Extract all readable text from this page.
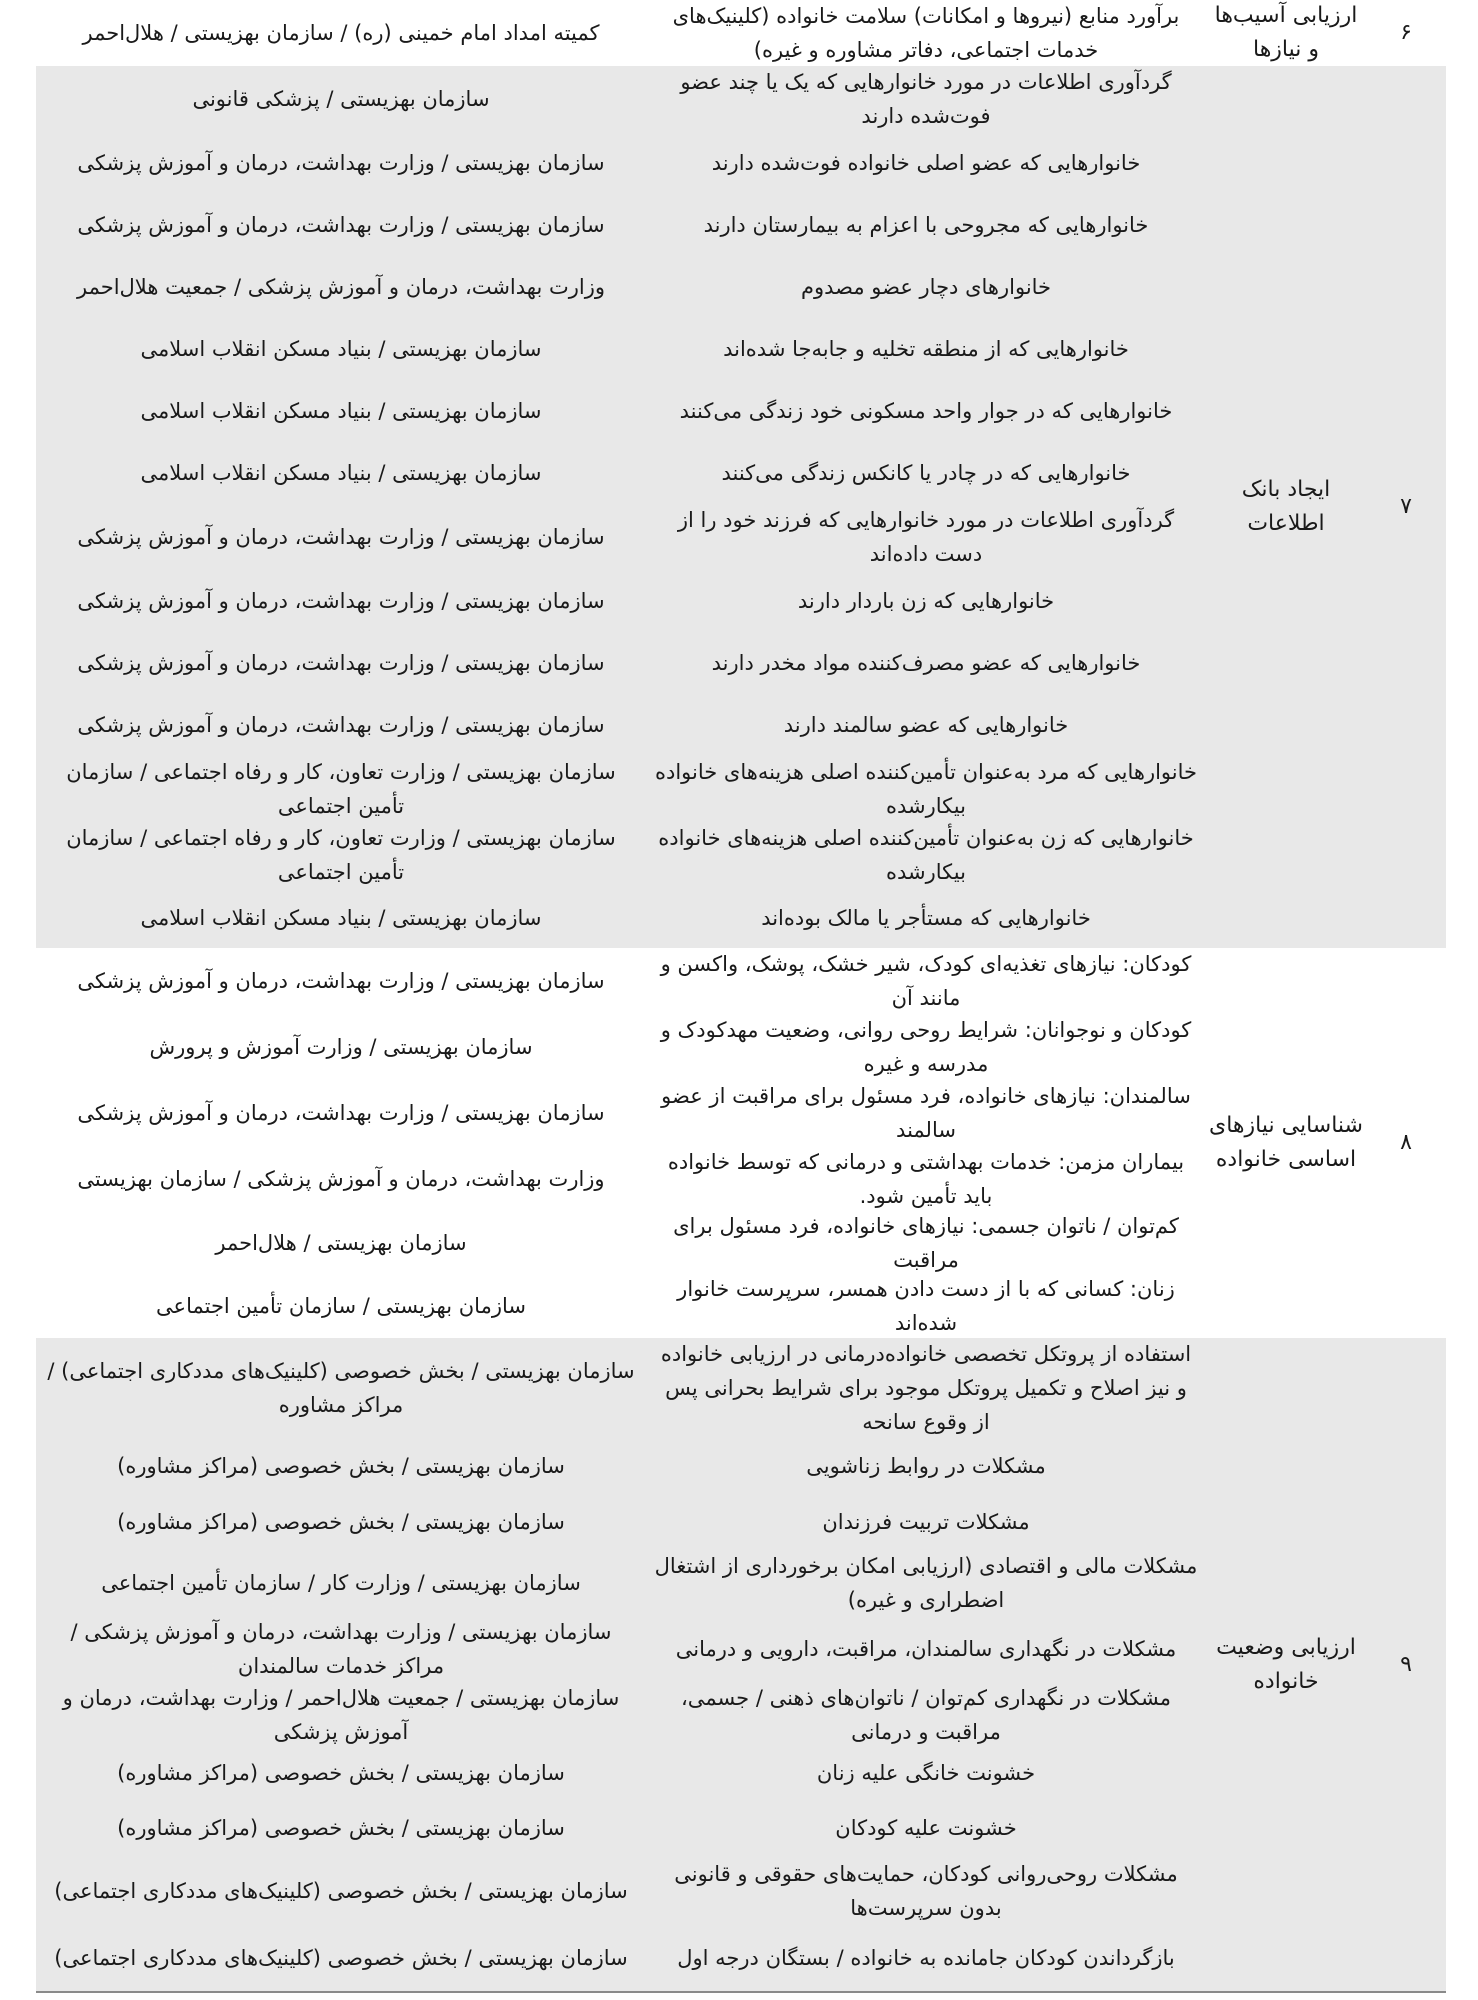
۶
ارزیابی آسیب‌ها و نیازها
برآورد منابع (نیروها و امکانات) سلامت خانواده (کلینیک‌های خدمات اجتماعی، دفاتر مشاوره و غیره)
کمیته امداد امام خمینی (ره) / سازمان بهزیستی / هلال‌احمر
۷
ایجاد بانک اطلاعات
گردآوری اطلاعات در مورد خانوارهایی که یک یا چند عضو فوت‌شده دارند
سازمان بهزیستی / پزشکی قانونی
خانوارهایی که عضو اصلی خانواده فوت‌شده دارند
سازمان بهزیستی / وزارت بهداشت، درمان و آموزش پزشکی
خانوارهایی که مجروحی با اعزام به بیمارستان دارند
سازمان بهزیستی / وزارت بهداشت، درمان و آموزش پزشکی
خانوارهای دچار عضو مصدوم
وزارت بهداشت، درمان و آموزش پزشکی / جمعیت هلال‌احمر
خانوارهایی که از منطقه تخلیه و جابه‌جا شده‌اند
سازمان بهزیستی / بنیاد مسکن انقلاب اسلامی
خانوارهایی که در جوار واحد مسکونی خود زندگی می‌کنند
سازمان بهزیستی / بنیاد مسکن انقلاب اسلامی
خانوارهایی که در چادر یا کانکس زندگی می‌کنند
سازمان بهزیستی / بنیاد مسکن انقلاب اسلامی
گردآوری اطلاعات در مورد خانوارهایی که فرزند خود را از دست داده‌اند
سازمان بهزیستی / وزارت بهداشت، درمان و آموزش پزشکی
خانوارهایی که زن باردار دارند
سازمان بهزیستی / وزارت بهداشت، درمان و آموزش پزشکی
خانوارهایی که عضو مصرف‌کننده مواد مخدر دارند
سازمان بهزیستی / وزارت بهداشت، درمان و آموزش پزشکی
خانوارهایی که عضو سالمند دارند
سازمان بهزیستی / وزارت بهداشت، درمان و آموزش پزشکی
خانوارهایی که مرد به‌عنوان تأمین‌کننده اصلی هزینه‌های خانواده بیکارشده
سازمان بهزیستی / وزارت تعاون، کار و رفاه اجتماعی / سازمان تأمین اجتماعی
خانوارهایی که زن به‌عنوان تأمین‌کننده اصلی هزینه‌های خانواده بیکارشده
سازمان بهزیستی / وزارت تعاون، کار و رفاه اجتماعی / سازمان تأمین اجتماعی
خانوارهایی که مستأجر یا مالک بوده‌اند
سازمان بهزیستی / بنیاد مسکن انقلاب اسلامی
۸
شناسایی نیازهای اساسی خانواده
کودکان: نیازهای تغذیه‌ای کودک، شیر خشک، پوشک، واکسن و مانند آن
سازمان بهزیستی / وزارت بهداشت، درمان و آموزش پزشکی
کودکان و نوجوانان: شرایط روحی روانی، وضعیت مهدکودک و مدرسه و غیره
سازمان بهزیستی / وزارت آموزش و پرورش
سالمندان: نیازهای خانواده، فرد مسئول برای مراقبت از عضو سالمند
سازمان بهزیستی / وزارت بهداشت، درمان و آموزش پزشکی
بیماران مزمن: خدمات بهداشتی و درمانی که توسط خانواده باید تأمین شود.
وزارت بهداشت، درمان و آموزش پزشکی / سازمان بهزیستی
کم‌توان / ناتوان جسمی: نیازهای خانواده، فرد مسئول برای مراقبت
سازمان بهزیستی / هلال‌احمر
زنان: کسانی که با از دست دادن همسر، سرپرست خانوار شده‌اند
سازمان بهزیستی / سازمان تأمین اجتماعی
۹
ارزیابی وضعیت خانواده
استفاده از پروتکل تخصصی خانواده‌درمانی در ارزیابی خانواده و نیز اصلاح و تکمیل پروتکل موجود برای شرایط بحرانی پس از وقوع سانحه
سازمان بهزیستی / بخش خصوصی (کلینیک‌های مددکاری اجتماعی) / مراکز مشاوره
مشکلات در روابط زناشویی
سازمان بهزیستی / بخش خصوصی (مراکز مشاوره)
مشکلات تربیت فرزندان
سازمان بهزیستی / بخش خصوصی (مراکز مشاوره)
مشکلات مالی و اقتصادی (ارزیابی امکان برخورداری از اشتغال اضطراری و غیره)
سازمان بهزیستی / وزارت کار / سازمان تأمین اجتماعی
مشکلات در نگهداری سالمندان، مراقبت، دارویی و درمانی
سازمان بهزیستی / وزارت بهداشت، درمان و آموزش پزشکی / مراکز خدمات سالمندان
مشکلات در نگهداری کم‌توان / ناتوان‌های ذهنی / جسمی، مراقبت و درمانی
سازمان بهزیستی / جمعیت هلال‌احمر / وزارت بهداشت، درمان و آموزش پزشکی
خشونت خانگی علیه زنان
سازمان بهزیستی / بخش خصوصی (مراکز مشاوره)
خشونت علیه کودکان
سازمان بهزیستی / بخش خصوصی (مراکز مشاوره)
مشکلات روحی‌روانی کودکان، حمایت‌های حقوقی و قانونی بدون سرپرست‌ها
سازمان بهزیستی / بخش خصوصی (کلینیک‌های مددکاری اجتماعی)
بازگرداندن کودکان جامانده به خانواده / بستگان درجه اول
سازمان بهزیستی / بخش خصوصی (کلینیک‌های مددکاری اجتماعی)
